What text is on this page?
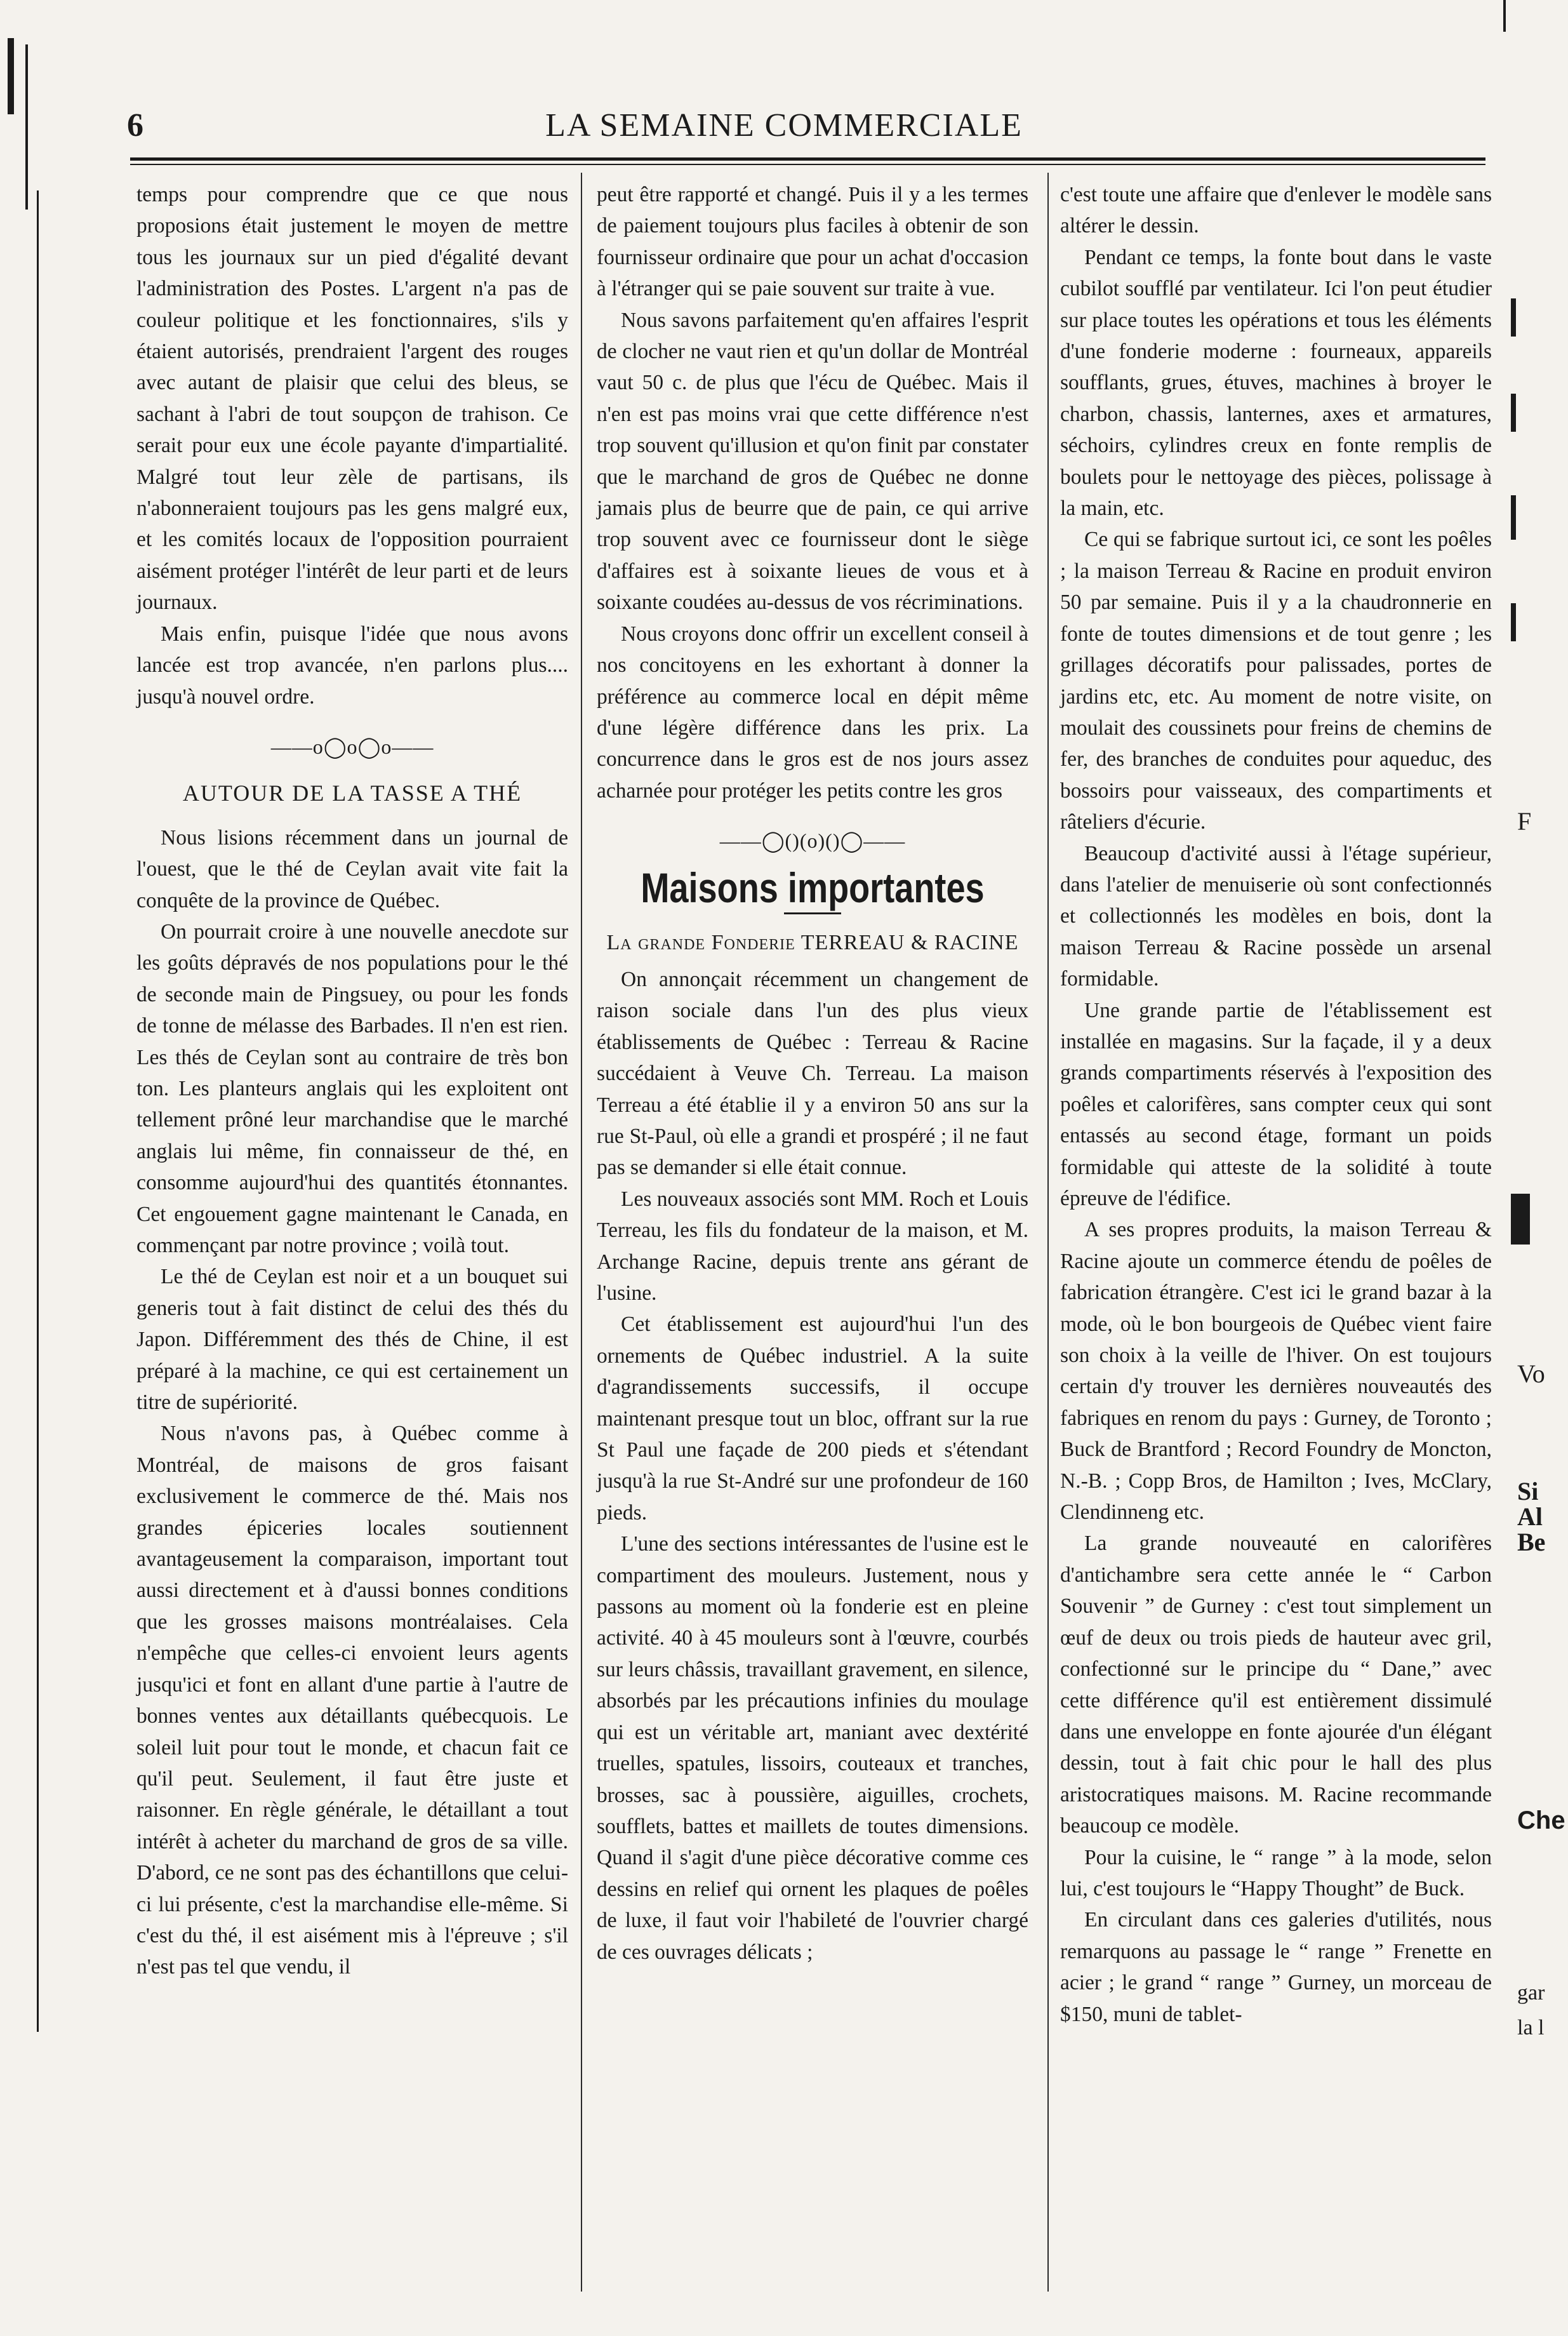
6	LA SEMAINE COMMERCIALE

temps pour comprendre que ce que nous proposions était justement le moyen de mettre tous les journaux sur un pied d'égalité devant l'administration des Postes. L'argent n'a pas de couleur politique et les fonctionnaires, s'ils y étaient autorisés, prendraient l'argent des rouges avec autant de plaisir que celui des bleus, se sachant à l'abri de tout soupçon de trahison. Ce serait pour eux une école payante d'impartialité. Malgré tout leur zèle de partisans, ils n'abonneraient toujours pas les gens malgré eux, et les comités locaux de l'opposition pourraient aisément protéger l'intérêt de leur parti et de leurs journaux.

Mais enfin, puisque l'idée que nous avons lancée est trop avancée, n'en parlons plus.... jusqu'à nouvel ordre.

——o◯o◯o——
AUTOUR DE LA TASSE A THÉ

Nous lisions récemment dans un journal de l'ouest, que le thé de Ceylan avait vite fait la conquête de la province de Québec.

On pourrait croire à une nouvelle anecdote sur les goûts dépravés de nos populations pour le thé de seconde main de Pingsuey, ou pour les fonds de tonne de mélasse des Barbades. Il n'en est rien. Les thés de Ceylan sont au contraire de très bon ton. Les planteurs anglais qui les exploitent ont tellement prôné leur marchandise que le marché anglais lui même, fin connaisseur de thé, en consomme aujourd'hui des quantités étonnantes. Cet engouement gagne maintenant le Canada, en commençant par notre province ; voilà tout.

Le thé de Ceylan est noir et a un bouquet sui generis tout à fait distinct de celui des thés du Japon. Différemment des thés de Chine, il est préparé à la machine, ce qui est certainement un titre de supériorité.

Nous n'avons pas, à Québec comme à Montréal, de maisons de gros faisant exclusivement le commerce de thé. Mais nos grandes épiceries locales soutiennent avantageusement la comparaison, important tout aussi directement et à d'aussi bonnes conditions que les grosses maisons montréalaises. Cela n'empêche que celles-ci envoient leurs agents jusqu'ici et font en allant d'une partie à l'autre de bonnes ventes aux détaillants québecquois. Le soleil luit pour tout le monde, et chacun fait ce qu'il peut. Seulement, il faut être juste et raisonner. En règle générale, le détaillant a tout intérêt à acheter du marchand de gros de sa ville. D'abord, ce ne sont pas des échantillons que celui-ci lui présente, c'est la marchandise elle-même. Si c'est du thé, il est aisément mis à l'épreuve ; s'il n'est pas tel que vendu, il

peut être rapporté et changé. Puis il y a les termes de paiement toujours plus faciles à obtenir de son fournisseur ordinaire que pour un achat d'occasion à l'étranger qui se paie souvent sur traite à vue.

Nous savons parfaitement qu'en affaires l'esprit de clocher ne vaut rien et qu'un dollar de Montréal vaut 50 c. de plus que l'écu de Québec. Mais il n'en est pas moins vrai que cette différence n'est trop souvent qu'illusion et qu'on finit par constater que le marchand de gros de Québec ne donne jamais plus de beurre que de pain, ce qui arrive trop souvent avec ce fournisseur dont le siège d'affaires est à soixante lieues de vous et à soixante coudées au-dessus de vos récriminations.

Nous croyons donc offrir un excellent conseil à nos concitoyens en les exhortant à donner la préférence au commerce local en dépit même d'une légère différence dans les prix. La concurrence dans le gros est de nos jours assez acharnée pour protéger les petits contre les gros

——◯()(o)()◯——
Maisons importantes
La grande Fonderie TERREAU & RACINE

On annonçait récemment un changement de raison sociale dans l'un des plus vieux établissements de Québec : Terreau & Racine succédaient à Veuve Ch. Terreau. La maison Terreau a été établie il y a environ 50 ans sur la rue St-Paul, où elle a grandi et prospéré ; il ne faut pas se demander si elle était connue.

Les nouveaux associés sont MM. Roch et Louis Terreau, les fils du fondateur de la maison, et M. Archange Racine, depuis trente ans gérant de l'usine.

Cet établissement est aujourd'hui l'un des ornements de Québec industriel. A la suite d'agrandissements successifs, il occupe maintenant presque tout un bloc, offrant sur la rue St Paul une façade de 200 pieds et s'étendant jusqu'à la rue St-André sur une profondeur de 160 pieds.

L'une des sections intéressantes de l'usine est le compartiment des mouleurs. Justement, nous y passons au moment où la fonderie est en pleine activité. 40 à 45 mouleurs sont à l'œuvre, courbés sur leurs châssis, travaillant gravement, en silence, absorbés par les précautions infinies du moulage qui est un véritable art, maniant avec dextérité truelles, spatules, lissoirs, couteaux et tranches, brosses, sac à poussière, aiguilles, crochets, soufflets, battes et maillets de toutes dimensions. Quand il s'agit d'une pièce décorative comme ces dessins en relief qui ornent les plaques de poêles de luxe, il faut voir l'habileté de l'ouvrier chargé de ces ouvrages délicats ;

c'est toute une affaire que d'enlever le modèle sans altérer le dessin.

Pendant ce temps, la fonte bout dans le vaste cubilot soufflé par ventilateur. Ici l'on peut étudier sur place toutes les opérations et tous les éléments d'une fonderie moderne : fourneaux, appareils soufflants, grues, étuves, machines à broyer le charbon, chassis, lanternes, axes et armatures, séchoirs, cylindres creux en fonte remplis de boulets pour le nettoyage des pièces, polissage à la main, etc.

Ce qui se fabrique surtout ici, ce sont les poêles ; la maison Terreau & Racine en produit environ 50 par semaine. Puis il y a la chaudronnerie en fonte de toutes dimensions et de tout genre ; les grillages décoratifs pour palissades, portes de jardins etc, etc. Au moment de notre visite, on moulait des coussinets pour freins de chemins de fer, des branches de conduites pour aqueduc, des bossoirs pour vaisseaux, des compartiments et râteliers d'écurie.

Beaucoup d'activité aussi à l'étage supérieur, dans l'atelier de menuiserie où sont confectionnés et collectionnés les modèles en bois, dont la maison Terreau & Racine possède un arsenal formidable.

Une grande partie de l'établissement est installée en magasins. Sur la façade, il y a deux grands compartiments réservés à l'exposition des poêles et calorifères, sans compter ceux qui sont entassés au second étage, formant un poids formidable qui atteste de la solidité à toute épreuve de l'édifice.

A ses propres produits, la maison Terreau & Racine ajoute un commerce étendu de poêles de fabrication étrangère. C'est ici le grand bazar à la mode, où le bon bourgeois de Québec vient faire son choix à la veille de l'hiver. On est toujours certain d'y trouver les dernières nouveautés des fabriques en renom du pays : Gurney, de Toronto ; Buck de Brantford ; Record Foundry de Moncton, N.-B. ; Copp Bros, de Hamilton ; Ives, McClary, Clendinneng etc.

La grande nouveauté en calorifères d'antichambre sera cette année le “ Carbon Souvenir ” de Gurney : c'est tout simplement un œuf de deux ou trois pieds de hauteur avec gril, confectionné sur le principe du “ Dane,” avec cette différence qu'il est entièrement dissimulé dans une enveloppe en fonte ajourée d'un élégant dessin, tout à fait chic pour le hall des plus aristocratiques maisons. M. Racine recommande beaucoup ce modèle.

Pour la cuisine, le “ range ” à la mode, selon lui, c'est toujours le “Happy Thought” de Buck.

En circulant dans ces galeries d'utilités, nous remarquons au passage le “ range ” Frenette en acier ; le grand “ range ” Gurney, un morceau de $150, muni de tablet-

F
Vo
Si
Al
Be
Che
gar
la l
